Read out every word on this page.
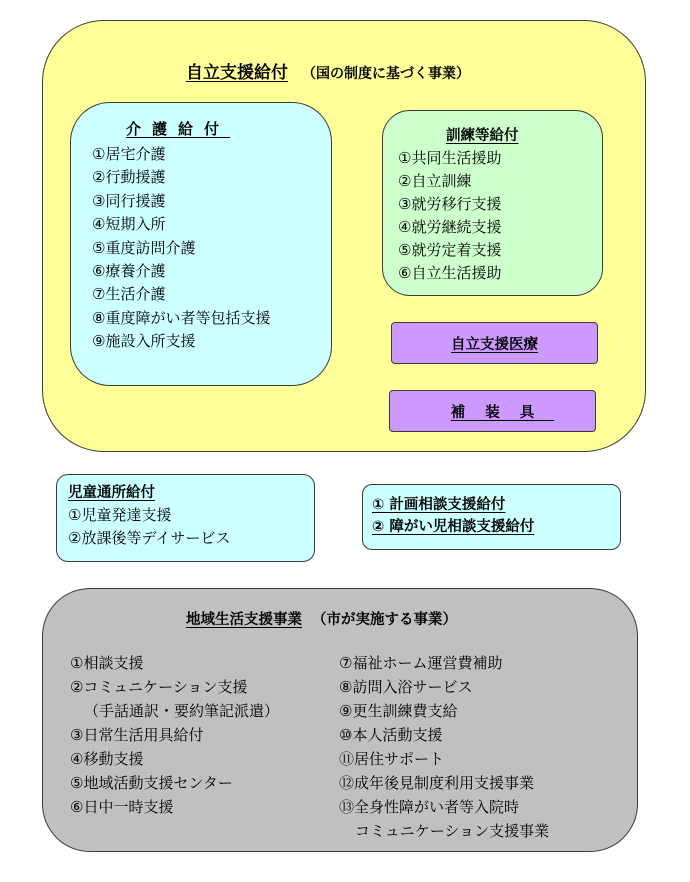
自立支援給付 （国の制度に基づく事業）
介護給付
①居宅介護
②行動援護
③同行援護
④短期入所
⑤重度訪問介護
⑥療養介護
⑦生活介護
⑧重度障がい者等包括支援
⑨施設入所支援
訓練等給付
①共同生活援助
②自立訓練
③就労移行支援
④就労継続支援
⑤就労定着支援
⑥自立生活援助
自立支援医療
補装具
児童通所給付
①児童発達支援
②放課後等デイサービス
① 計画相談支援給付
② 障がい児相談支援給付
地域生活支援事業 （市が実施する事業）
①相談支援
②コミュニケーション支援
（手話通訳・要約筆記派遣）
③日常生活用具給付
④移動支援
⑤地域活動支援センター
⑥日中一時支援
⑦福祉ホーム運営費補助
⑧訪問入浴サービス
⑨更生訓練費支給
⑩本人活動支援
⑪居住サポート
⑫成年後見制度利用支援事業
⑬全身性障がい者等入院時
コミュニケーション支援事業
